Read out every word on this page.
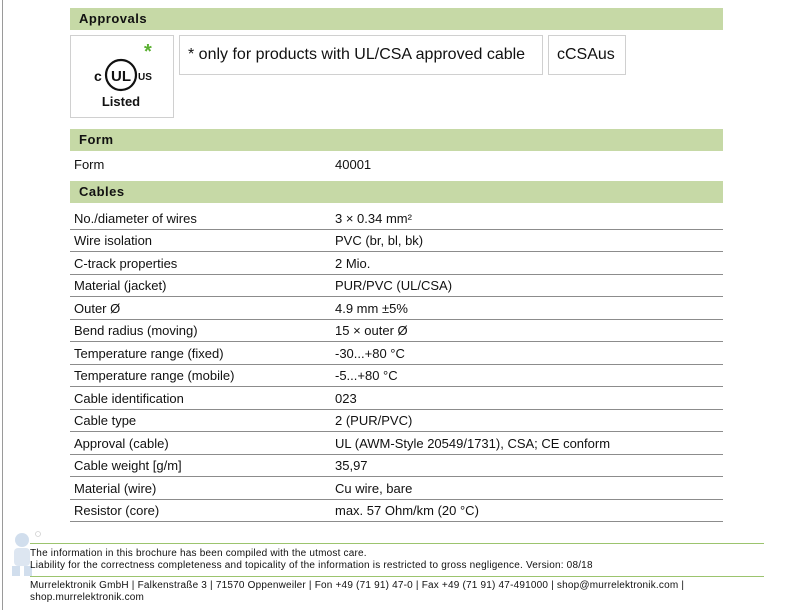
Approvals
*
UL
c	US
Listed
* only for products with UL/CSA approved cable	cCSAus
Form
Form	40001
Cables
No./diameter of wires	3 × 0.34 mm²
Wire isolation	PVC (br, bl, bk)
C-track properties	2 Mio.
Material (jacket)	PUR/PVC (UL/CSA)
Outer Ø	4.9 mm ±5%
Bend radius (moving)	15 × outer Ø
Temperature range (fixed)	-30...+80 °C
Temperature range (mobile)	-5...+80 °C
Cable identification	023
Cable type	2 (PUR/PVC)
Approval (cable)	UL (AWM-Style 20549/1731), CSA; CE conform
Cable weight [g/m]	35,97
Material (wire)	Cu wire, bare
Resistor (core)	max. 57 Ohm/km (20 °C)
The information in this brochure has been compiled with the utmost care.
Liability for the correctness completeness and topicality of the information is restricted to gross negligence. Version: 08/18
Murrelektronik GmbH | Falkenstraße 3 | 71570 Oppenweiler | Fon +49 (71 91) 47-0 | Fax +49 (71 91) 47-491000 | shop@murrelektronik.com |
shop.murrelektronik.com
